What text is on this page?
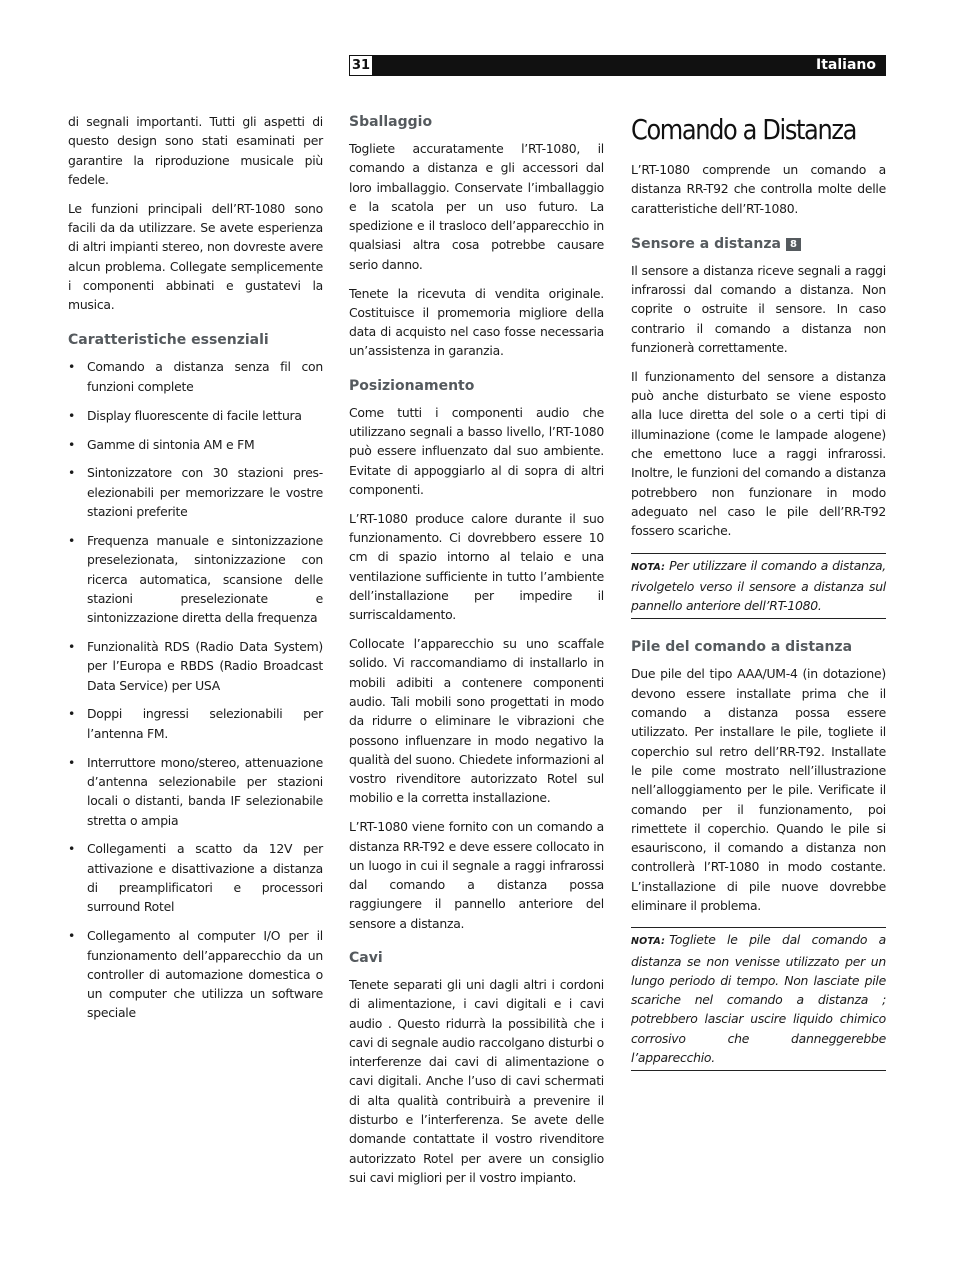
31	Italiano

di segnali importanti. Tutti gli aspetti di questo design sono stati esaminati per garantire la riproduzione musicale più fedele.

Le funzioni principali dell’RT-1080 sono facili da da utilizzare. Se avete esperienza di altri impianti stereo, non dovreste avere alcun problema. Collegate semplicemente i componenti abbinati e gustatevi la musica.

Caratteristiche essenziali
• Comando a distanza senza fil con funzioni complete
• Display fluorescente di facile lettura
• Gamme di sintonia AM e FM
• Sintonizzatore con 30 stazioni pres-elezionabili per memorizzare le vostre stazioni preferite
• Frequenza manuale e sintonizzazione preselezionata, sintonizzazione con ricerca automatica, scansione delle stazioni preselezionate e sintonizzazione diretta della frequenza
• Funzionalità RDS (Radio Data System) per l’Europa e RBDS (Radio Broadcast Data Service) per USA
• Doppi ingressi selezionabili per l’antenna FM.
• Interruttore mono/stereo, attenuazione d’antenna selezionabile per stazioni locali o distanti, banda IF selezionabile stretta o ampia
• Collegamenti a scatto da 12V per attivazione e disattivazione a distanza di preamplificatori e processori surround Rotel
• Collegamento al computer I/O per il funzionamento dell’apparecchio da un controller di automazione domestica o un computer che utilizza un software speciale
Sballaggio

Togliete accuratamente l’RT-1080, il comando a distanza e gli accessori dal loro imballaggio. Conservate l’imballaggio e la scatola per un uso futuro. La spedizione e il trasloco dell’apparecchio in qualsiasi altra cosa potrebbe causare serio danno.

Tenete la ricevuta di vendita originale. Costituisce il promemoria migliore della data di acquisto nel caso fosse necessaria un’assistenza in garanzia.

Posizionamento

Come tutti i componenti audio che utilizzano segnali a basso livello, l’RT-1080 può essere influenzato dal suo ambiente. Evitate di appoggiarlo al di sopra di altri componenti.

L’RT-1080 produce calore durante il suo funzionamento. Ci dovrebbero essere 10 cm di spazio intorno al telaio e una ventilazione sufficiente in tutto l’ambiente dell’installazione per impedire il surriscaldamento.

Collocate l’apparecchio su uno scaffale solido. Vi raccomandiamo di installarlo in mobili adibiti a contenere componenti audio. Tali mobili sono progettati in modo da ridurre o eliminare le vibrazioni che possono influenzare in modo negativo la qualità del suono. Chiedete informazioni al vostro rivenditore autorizzato Rotel sul mobilio e la corretta installazione.

L’RT-1080 viene fornito con un comando a distanza RR-T92 e deve essere collocato in un luogo in cui il segnale a raggi infrarossi dal comando a distanza possa raggiungere il pannello anteriore del sensore a distanza.

Cavi

Tenete separati gli uni dagli altri i cordoni di alimentazione, i cavi digitali e i cavi audio . Questo ridurrà la possibilità che i cavi di segnale audio raccolgano disturbi o interferenze dai cavi di alimentazione o cavi digitali. Anche l’uso di cavi schermati di alta qualità contribuirà a prevenire il disturbo e l’interferenza. Se avete delle domande contattate il vostro rivenditore autorizzato Rotel per avere un consiglio sui cavi migliori per il vostro impianto.

Comando a Distanza

L’RT-1080 comprende un comando a distanza RR-T92 che controlla molte delle caratteristiche dell’RT-1080.

Sensore a distanza 8

Il sensore a distanza riceve segnali a raggi infrarossi dal comando a distanza. Non coprite o ostruite il sensore. In caso contrario il comando a distanza non funzionerà correttamente.

Il funzionamento del sensore a distanza può anche disturbato se viene esposto alla luce diretta del sole o a certi tipi di illuminazione (come le lampade alogene) che emettono luce a raggi infrarossi. Inoltre, le funzioni del comando a distanza potrebbero non funzionare in modo adeguato nel caso le pile dell’RR-T92 fossero scariche.

NOTA: Per utilizzare il comando a distanza, rivolgetelo verso il sensore a distanza sul pannello anteriore dell’RT-1080.
Pile del comando a distanza

Due pile del tipo AAA/UM-4 (in dotazione) devono essere installate prima che il comando a distanza possa essere utilizzato. Per installare le pile, togliete il coperchio sul retro dell’RR-T92. Installate le pile come mostrato nell’illustrazione nell’alloggiamento per le pile. Verificate il comando per il funzionamento, poi rimettete il coperchio. Quando le pile si esauriscono, il comando a distanza non controllerà l’RT-1080 in modo costante. L’installazione di pile nuove dovrebbe eliminare il problema.

NOTA: Togliete le pile dal comando a distanza se non venisse utilizzato per un lungo periodo di tempo. Non lasciate pile scariche nel comando a distanza ; potrebbero lasciar uscire liquido chimico corrosivo che danneggerebbe l’apparecchio.
